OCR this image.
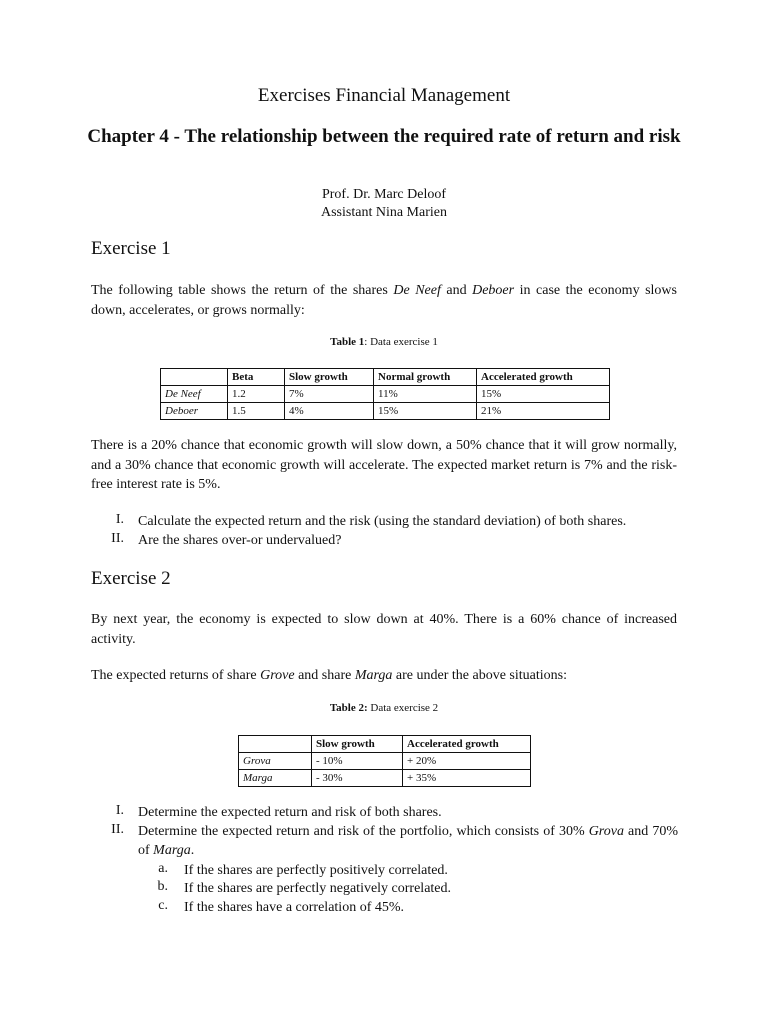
Exercises Financial Management
Chapter 4 - The relationship between the required rate of return and risk
Prof. Dr. Marc Deloof
Assistant Nina Marien
Exercise 1
The following table shows the return of the shares De Neef and Deboer in case the economy slows down, accelerates, or grows normally:
Table 1: Data exercise 1
	Beta	Slow growth	Normal growth	Accelerated growth
De Neef	1.2	7%	11%	15%
Deboer	1.5	4%	15%	21%
There is a 20% chance that economic growth will slow down, a 50% chance that it will grow normally, and a 30% chance that economic growth will accelerate. The expected market return is 7% and the risk-free interest rate is 5%.
I. Calculate the expected return and the risk (using the standard deviation) of both shares.
II. Are the shares over-or undervalued?
Exercise 2
By next year, the economy is expected to slow down at 40%. There is a 60% chance of increased activity.
The expected returns of share Grove and share Marga are under the above situations:
Table 2: Data exercise 2
	Slow growth	Accelerated growth
Grova	- 10%	+ 20%
Marga	- 30%	+ 35%
I. Determine the expected return and risk of both shares.
II. Determine the expected return and risk of the portfolio, which consists of 30% Grova and 70% of Marga.
a. If the shares are perfectly positively correlated.
b. If the shares are perfectly negatively correlated.
c. If the shares have a correlation of 45%.
